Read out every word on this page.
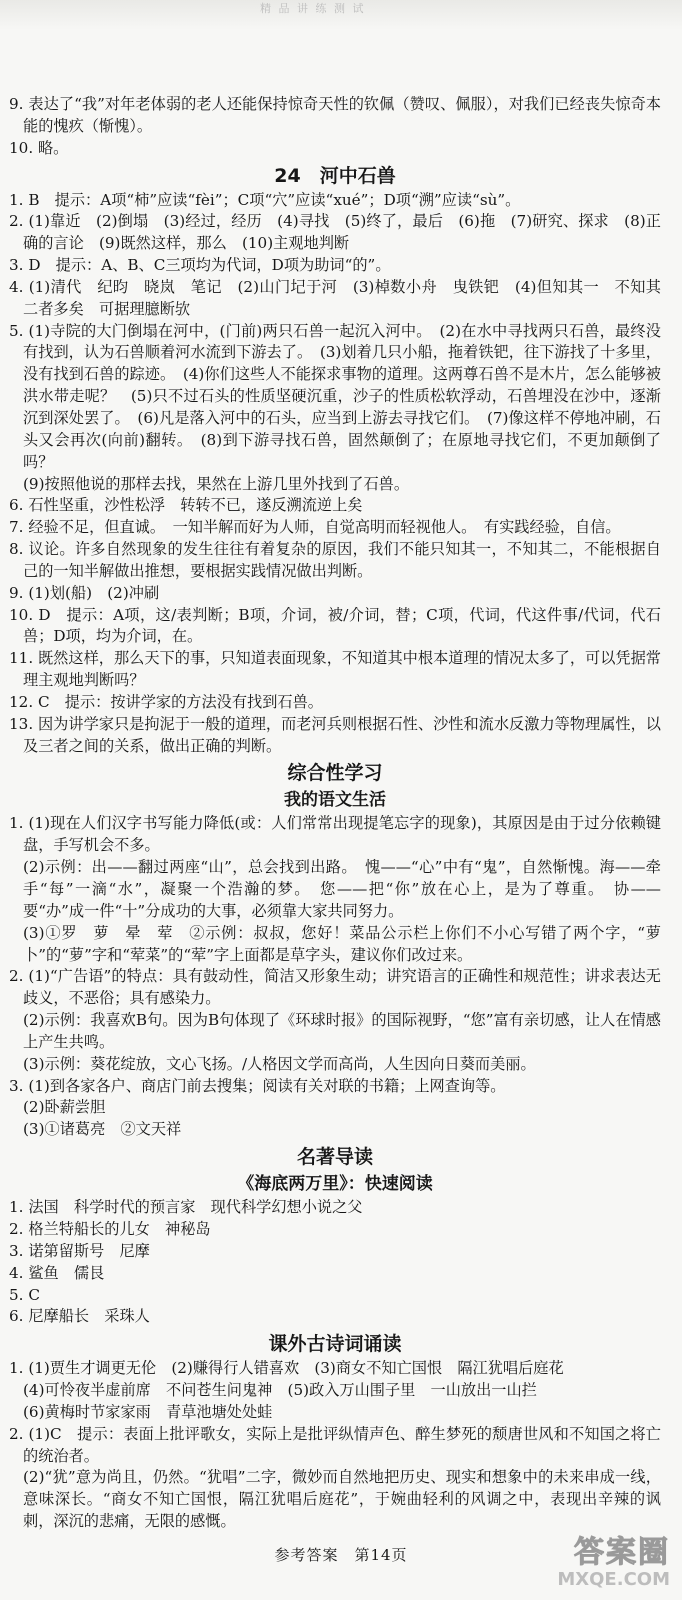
精 品 讲 练 测 试
9. 表达了“我”对年老体弱的老人还能保持惊奇天性的钦佩（赞叹、佩服），对我们已经丧失惊奇本能的愧疚（惭愧）。
10. 略。
24　河中石兽
1. B　提示：A项“柿”应读“fèi”；C项“穴”应读“xué”；D项“溯”应读“sù”。
2. (1)靠近　(2)倒塌　(3)经过，经历　(4)寻找　(5)终了，最后　(6)拖　(7)研究、探求　(8)正确的言论　(9)既然这样，那么　(10)主观地判断
3. D　提示：A、B、C三项均为代词，D项为助词“的”。
4. (1)清代　纪昀　晓岚　笔记　(2)山门圮于河　(3)棹数小舟　曳铁钯　(4)但知其一　不知其二者多矣　可据理臆断欤
5. (1)寺院的大门倒塌在河中，(门前)两只石兽一起沉入河中。　(2)在水中寻找两只石兽，最终没有找到，认为石兽顺着河水流到下游去了。　(3)划着几只小船，拖着铁钯，往下游找了十多里，没有找到石兽的踪迹。　(4)你们这些人不能探求事物的道理。这两尊石兽不是木片，怎么能够被洪水带走呢？　(5)只不过石头的性质坚硬沉重，沙子的性质松软浮动，石兽埋没在沙中，逐渐沉到深处罢了。　(6)凡是落入河中的石头，应当到上游去寻找它们。　(7)像这样不停地冲刷，石头又会再次(向前)翻转。　(8)到下游寻找石兽，固然颠倒了；在原地寻找它们，不更加颠倒了吗？
(9)按照他说的那样去找，果然在上游几里外找到了石兽。
6. 石性坚重，沙性松浮　转转不已，遂反溯流逆上矣
7. 经验不足，但直诚。　一知半解而好为人师，自觉高明而轻视他人。　有实践经验，自信。
8. 议论。许多自然现象的发生往往有着复杂的原因，我们不能只知其一，不知其二，不能根据自己的一知半解做出推想，要根据实践情况做出判断。
9. (1)划(船)　(2)冲刷
10. D　提示：A项，这/表判断；B项，介词，被/介词，替；C项，代词，代这件事/代词，代石兽；D项，均为介词，在。
11. 既然这样，那么天下的事，只知道表面现象，不知道其中根本道理的情况太多了，可以凭据常理主观地判断吗？
12. C　提示：按讲学家的方法没有找到石兽。
13. 因为讲学家只是拘泥于一般的道理，而老河兵则根据石性、沙性和流水反激力等物理属性，以及三者之间的关系，做出正确的判断。
综合性学习
我的语文生活
1. (1)现在人们汉字书写能力降低(或：人们常常出现提笔忘字的现象)，其原因是由于过分依赖键盘，手写机会不多。
(2)示例：出——翻过两座“山”，总会找到出路。　愧——“心”中有“鬼”，自然惭愧。海——牵手“每”一滴“水”，凝聚一个浩瀚的梦。　您——把“你”放在心上，是为了尊重。　协——要“办”成一件“十”分成功的大事，必须靠大家共同努力。
(3)①罗　萝　晕　荤　②示例：叔叔，您好！菜品公示栏上你们不小心写错了两个字，“萝卜”的“萝”字和“荤菜”的“荤”字上面都是草字头，建议你们改过来。
2. (1)“广告语”的特点：具有鼓动性，简洁又形象生动；讲究语言的正确性和规范性；讲求表达无歧义，不恶俗；具有感染力。
(2)示例：我喜欢B句。因为B句体现了《环球时报》的国际视野，“您”富有亲切感，让人在情感上产生共鸣。
(3)示例：葵花绽放，文心飞扬。/人格因文学而高尚，人生因向日葵而美丽。
3. (1)到各家各户、商店门前去搜集；阅读有关对联的书籍；上网查询等。
(2)卧薪尝胆
(3)①诸葛亮　②文天祥
名著导读
《海底两万里》：快速阅读
1. 法国　科学时代的预言家　现代科学幻想小说之父
2. 格兰特船长的儿女　神秘岛
3. 诺第留斯号　尼摩
4. 鲨鱼　儒艮
5. C
6. 尼摩船长　采珠人
课外古诗词诵读
1. (1)贾生才调更无伦　(2)赚得行人错喜欢　(3)商女不知亡国恨　隔江犹唱后庭花
(4)可怜夜半虚前席　不问苍生问鬼神　(5)政入万山围子里　一山放出一山拦
(6)黄梅时节家家雨　青草池塘处处蛙
2. (1)C　提示：表面上批评歌女，实际上是批评纵情声色、醉生梦死的颓唐世风和不知国之将亡的统治者。
(2)“犹”意为尚且，仍然。“犹唱”二字，微妙而自然地把历史、现实和想象中的未来串成一线，意味深长。“商女不知亡国恨，隔江犹唱后庭花”，于婉曲轻利的风调之中，表现出辛辣的讽刺，深沉的悲痛，无限的感慨。
参考答案　第14页	答案圈
MXQE.COM
